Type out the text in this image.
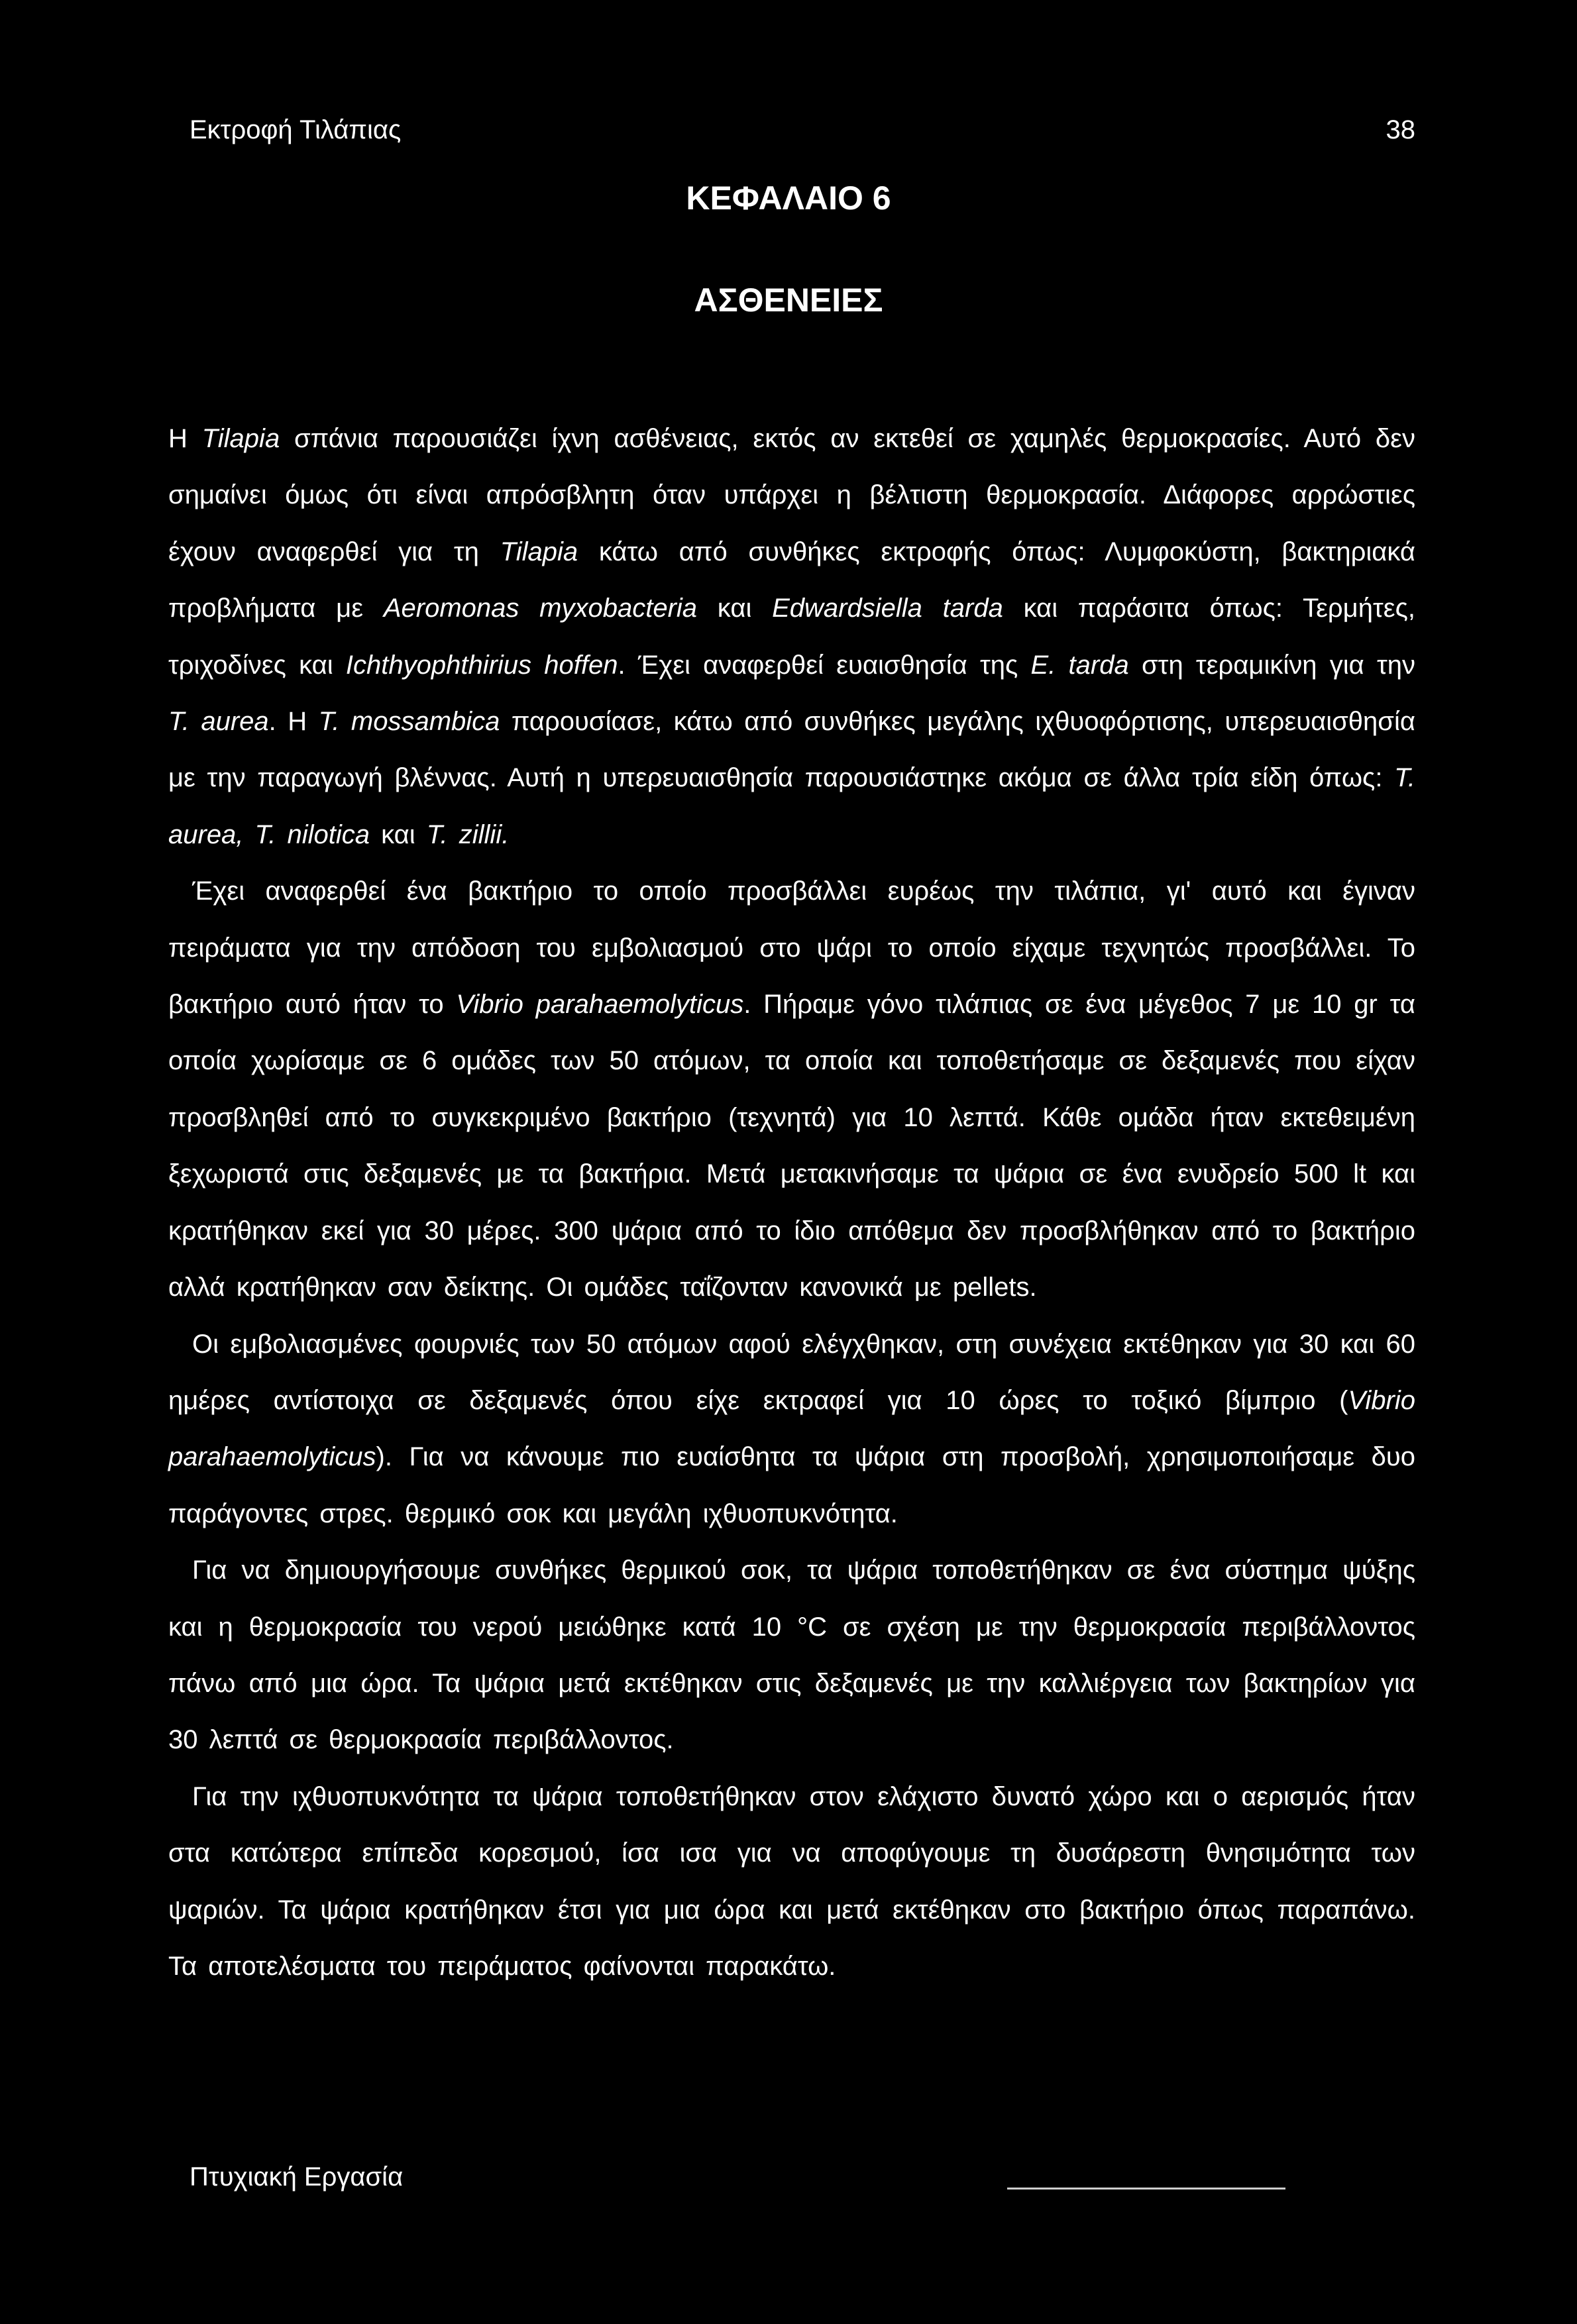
Εκτροφή Τιλάπιας	38
ΚΕΦΑΛΑΙΟ 6
ΑΣΘΕΝΕΙΕΣ

Η Tilapia σπάνια παρουσιάζει ίχνη ασθένειας, εκτός αν εκτεθεί σε χαμηλές θερμοκρασίες. Αυτό δεν σημαίνει όμως ότι είναι απρόσβλητη όταν υπάρχει η βέλτιστη θερμοκρασία. Διάφορες αρρώστιες έχουν αναφερθεί για τη Tilapia κάτω από συνθήκες εκτροφής όπως: Λυμφοκύστη, βακτηριακά προβλήματα με Aeromonas myxobacteria και Edwardsiella tarda και παράσιτα όπως: Τερμήτες, τριχοδίνες και Ichthyophthirius hoffen. Έχει αναφερθεί ευαισθησία της E. tarda στη τεραμικίνη για την T. aurea. Η T. mossambica παρουσίασε, κάτω από συνθήκες μεγάλης ιχθυοφόρτισης, υπερευαισθησία με την παραγωγή βλέννας. Αυτή η υπερευαισθησία παρουσιάστηκε ακόμα σε άλλα τρία είδη όπως: T. aurea, T. nilotica και T. zillii.

Έχει αναφερθεί ένα βακτήριο το οποίο προσβάλλει ευρέως την τιλάπια, γι' αυτό και έγιναν πειράματα για την απόδοση του εμβολιασμού στο ψάρι το οποίο είχαμε τεχνητώς προσβάλλει. Το βακτήριο αυτό ήταν το Vibrio parahaemolyticus. Πήραμε γόνο τιλάπιας σε ένα μέγεθος 7 με 10 gr τα οποία χωρίσαμε σε 6 ομάδες των 50 ατόμων, τα οποία και τοποθετήσαμε σε δεξαμενές που είχαν προσβληθεί από το συγκεκριμένο βακτήριο (τεχνητά) για 10 λεπτά. Κάθε ομάδα ήταν εκτεθειμένη ξεχωριστά στις δεξαμενές με τα βακτήρια. Μετά μετακινήσαμε τα ψάρια σε ένα ενυδρείο 500 lt και κρατήθηκαν εκεί για 30 μέρες. 300 ψάρια από το ίδιο απόθεμα δεν προσβλήθηκαν από το βακτήριο αλλά κρατήθηκαν σαν δείκτης. Οι ομάδες ταΐζονταν κανονικά με pellets.

Οι εμβολιασμένες φουρνιές των 50 ατόμων αφού ελέγχθηκαν, στη συνέχεια εκτέθηκαν για 30 και 60 ημέρες αντίστοιχα σε δεξαμενές όπου είχε εκτραφεί για 10 ώρες το τοξικό βίμπριο (Vibrio parahaemolyticus). Για να κάνουμε πιο ευαίσθητα τα ψάρια στη προσβολή, χρησιμοποιήσαμε δυο παράγοντες στρες. θερμικό σοκ και μεγάλη ιχθυοπυκνότητα.

Για να δημιουργήσουμε συνθήκες θερμικού σοκ, τα ψάρια τοποθετήθηκαν σε ένα σύστημα ψύξης και η θερμοκρασία του νερού μειώθηκε κατά 10 °C σε σχέση με την θερμοκρασία περιβάλλοντος πάνω από μια ώρα. Τα ψάρια μετά εκτέθηκαν στις δεξαμενές με την καλλιέργεια των βακτηρίων για 30 λεπτά σε θερμοκρασία περιβάλλοντος.

Για την ιχθυοπυκνότητα τα ψάρια τοποθετήθηκαν στον ελάχιστο δυνατό χώρο και ο αερισμός ήταν στα κατώτερα επίπεδα κορεσμού, ίσα ισα για να αποφύγουμε τη δυσάρεστη θνησιμότητα των ψαριών. Τα ψάρια κρατήθηκαν έτσι για μια ώρα και μετά εκτέθηκαν στο βακτήριο όπως παραπάνω. Τα αποτελέσματα του πειράματος φαίνονται παρακάτω.

Πτυχιακή Εργασία
